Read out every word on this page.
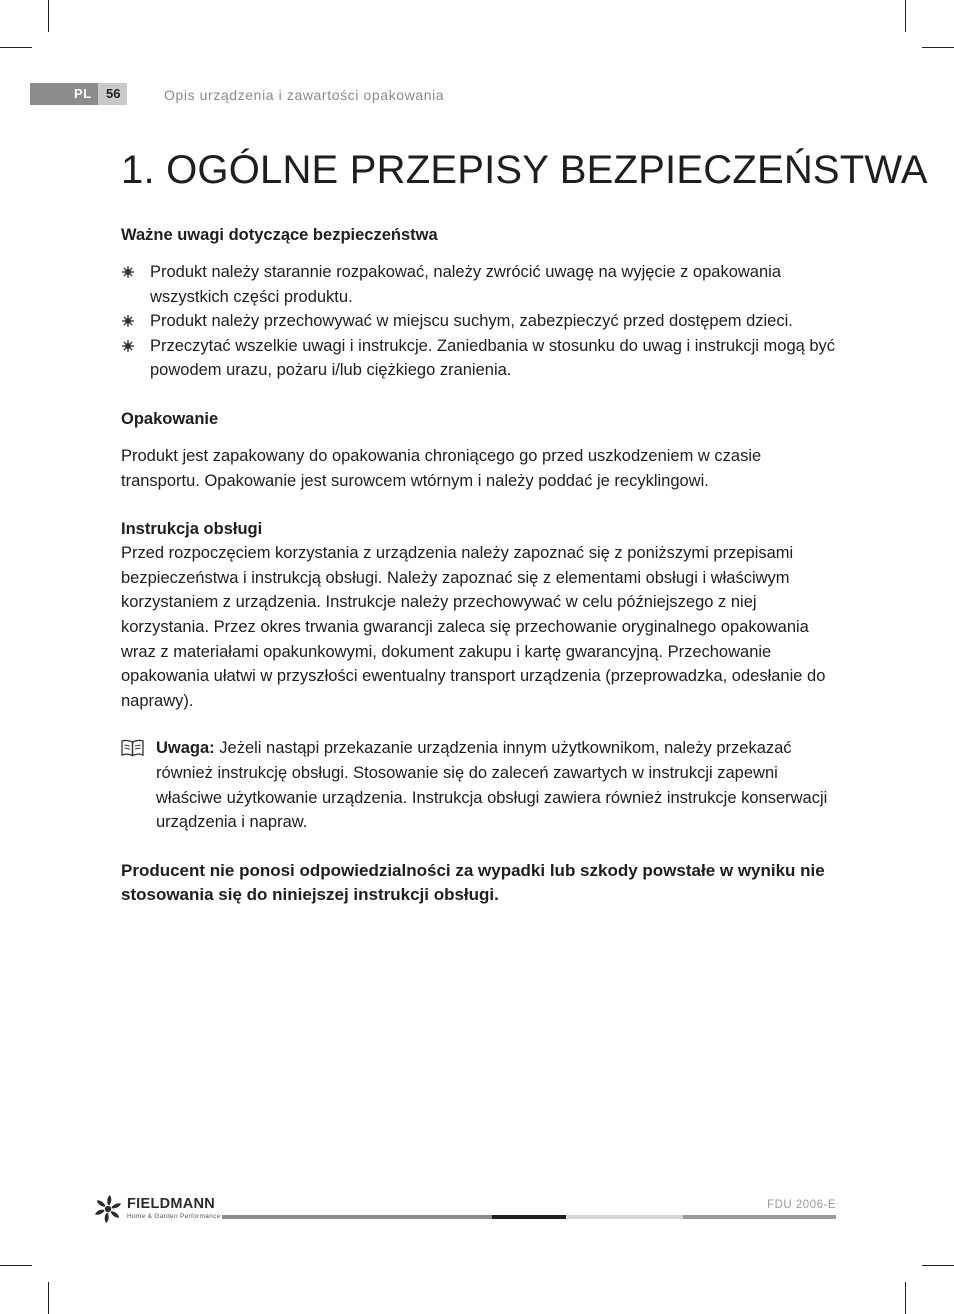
PL 56	Opis urządzenia i zawartości opakowania
1. OGÓLNE PRZEPISY BEZPIECZEŃSTWA
Ważne uwagi dotyczące bezpieczeństwa
Produkt należy starannie rozpakować, należy zwrócić uwagę na wyjęcie z opakowania wszystkich części produktu.
Produkt należy przechowywać w miejscu suchym, zabezpieczyć przed dostępem dzieci.
Przeczytać wszelkie uwagi i instrukcje. Zaniedbania w stosunku do uwag i instrukcji mogą być powodem urazu, pożaru i/lub ciężkiego zranienia.
Opakowanie
Produkt jest zapakowany do opakowania chroniącego go przed uszkodzeniem w czasie transportu. Opakowanie jest surowcem wtórnym i należy poddać je recyklingowi.
Instrukcja obsługi
Przed rozpoczęciem korzystania z urządzenia należy zapoznać się z poniższymi przepisami bezpieczeństwa i instrukcją obsługi. Należy zapoznać się z elementami obsługi i właściwym korzystaniem z urządzenia. Instrukcje należy przechowywać w celu późniejszego z niej korzystania. Przez okres trwania gwarancji zaleca się przechowanie oryginalnego opakowania wraz z materiałami opakunkowymi, dokument zakupu i kartę gwarancyjną. Przechowanie opakowania ułatwi w przyszłości ewentualny transport urządzenia (przeprowadzka, odesłanie do naprawy).
Uwaga: Jeżeli nastąpi przekazanie urządzenia innym użytkownikom, należy przekazać również instrukcję obsługi. Stosowanie się do zaleceń zawartych w instrukcji zapewni właściwe użytkowanie urządzenia. Instrukcja obsługi zawiera również instrukcje konserwacji urządzenia i napraw.
Producent nie ponosi odpowiedzialności za wypadki lub szkody powstałe w wyniku nie stosowania się do niniejszej instrukcji obsługi.
FIELDMANN
Home & Garden Performance
FDU 2006-E
